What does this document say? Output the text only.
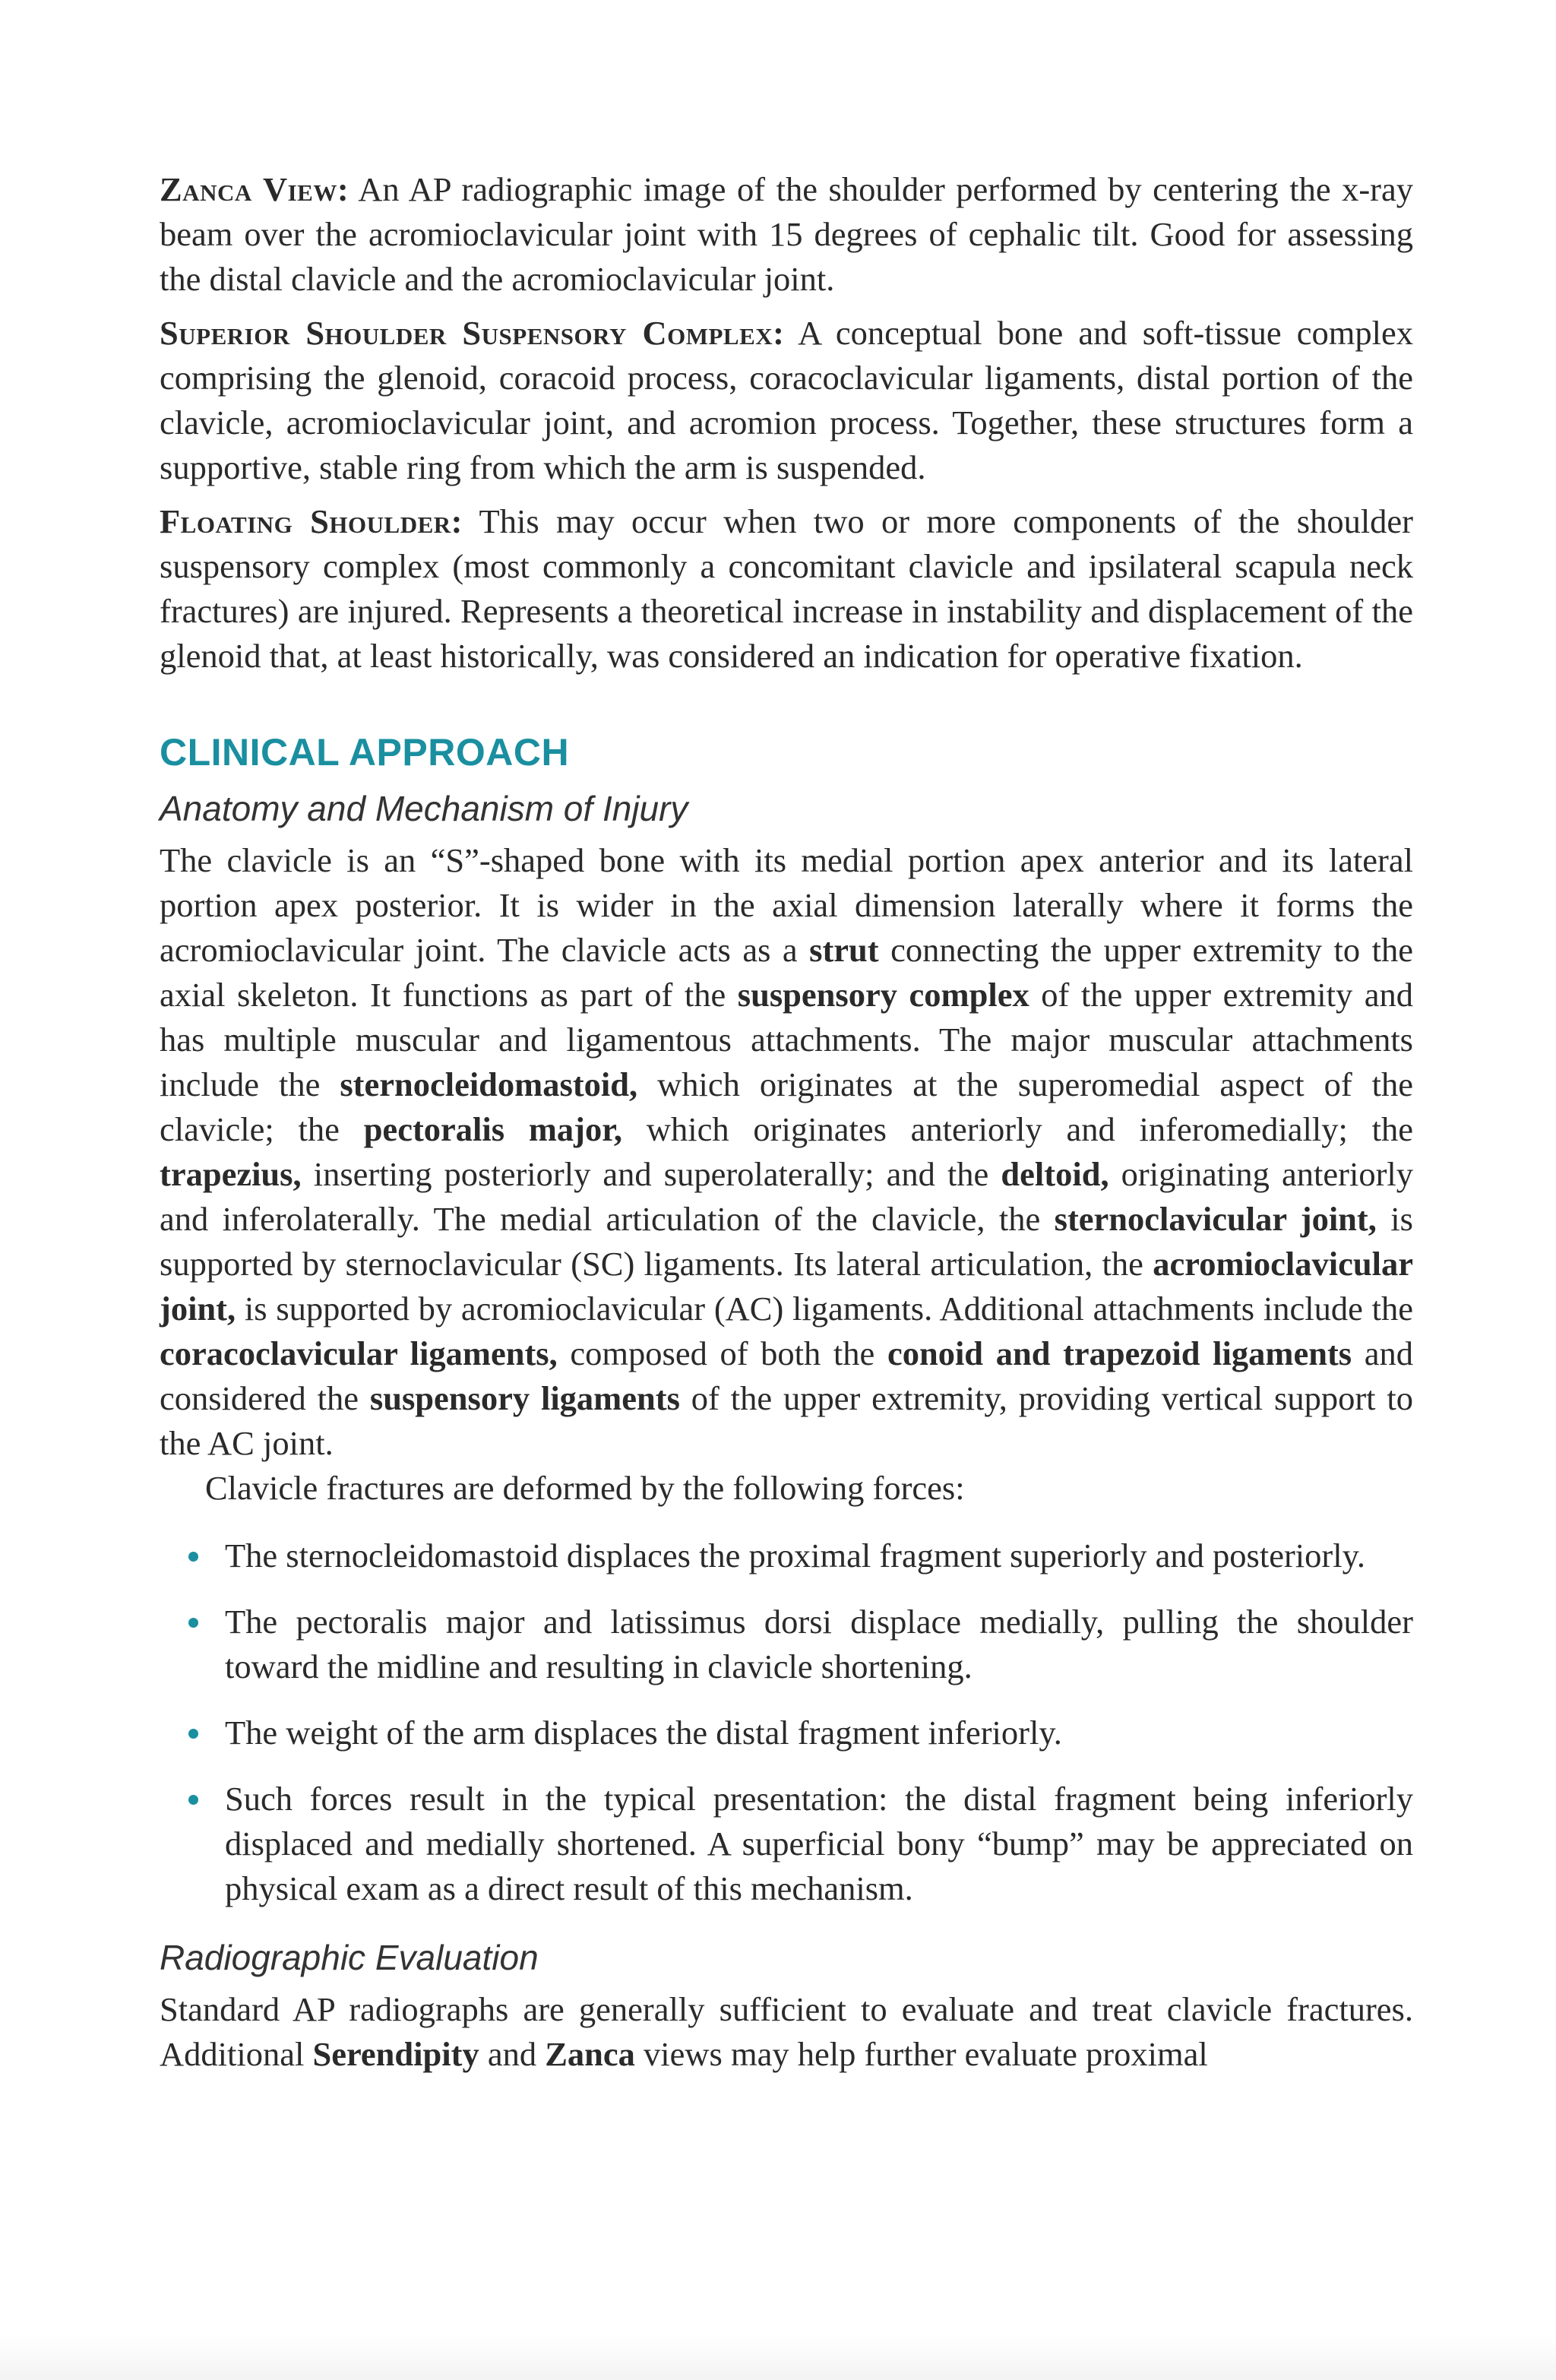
Zanca View: An AP radiographic image of the shoulder performed by centering the x-ray beam over the acromioclavicular joint with 15 degrees of cephalic tilt. Good for assessing the distal clavicle and the acromioclavicular joint.

Superior Shoulder Suspensory Complex: A conceptual bone and soft-tissue complex comprising the glenoid, coracoid process, coracoclavicular ligaments, distal portion of the clavicle, acromioclavicular joint, and acromion process. Together, these structures form a supportive, stable ring from which the arm is suspended.

Floating Shoulder: This may occur when two or more components of the shoulder suspensory complex (most commonly a concomitant clavicle and ipsilateral scapula neck fractures) are injured. Represents a theoretical increase in instability and displacement of the glenoid that, at least historically, was considered an indication for operative fixation.

CLINICAL APPROACH
Anatomy and Mechanism of Injury

The clavicle is an “S”-shaped bone with its medial portion apex anterior and its lateral portion apex posterior. It is wider in the axial dimension laterally where it forms the acromioclavicular joint. The clavicle acts as a strut connecting the upper extremity to the axial skeleton. It functions as part of the suspensory complex of the upper extremity and has multiple muscular and ligamentous attachments. The major muscular attachments include the sternocleidomastoid, which originates at the superomedial aspect of the clavicle; the pectoralis major, which originates anteriorly and inferomedially; the trapezius, inserting posteriorly and superolaterally; and the deltoid, originating anteriorly and inferolaterally. The medial articulation of the clavicle, the sternoclavicular joint, is supported by sternoclavicular (SC) ligaments. Its lateral articulation, the acromioclavicular joint, is supported by acromioclavicular (AC) ligaments. Additional attachments include the coracoclavicular ligaments, composed of both the conoid and trapezoid ligaments and considered the suspensory ligaments of the upper extremity, providing vertical support to the AC joint.

Clavicle fractures are deformed by the following forces:

The sternocleidomastoid displaces the proximal fragment superiorly and posteriorly.
The pectoralis major and latissimus dorsi displace medially, pulling the shoulder toward the midline and resulting in clavicle shortening.
The weight of the arm displaces the distal fragment inferiorly.
Such forces result in the typical presentation: the distal fragment being inferiorly displaced and medially shortened. A superficial bony “bump” may be appreciated on physical exam as a direct result of this mechanism.
Radiographic Evaluation

Standard AP radiographs are generally sufficient to evaluate and treat clavicle fractures. Additional Serendipity and Zanca views may help further evaluate proximal
